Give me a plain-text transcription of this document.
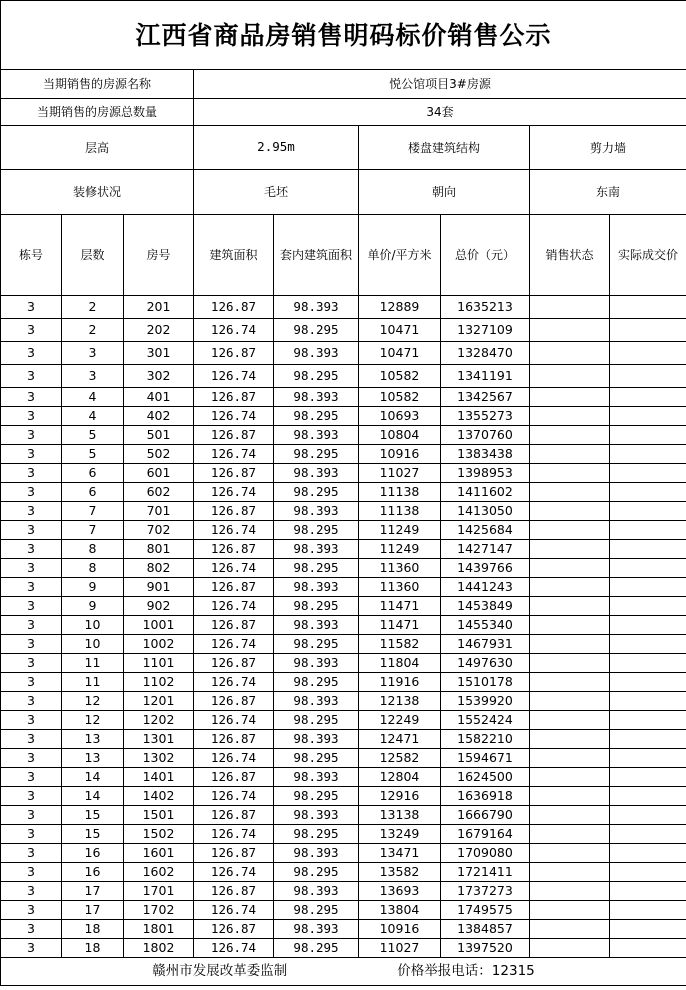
江西省商品房销售明码标价销售公示								
当期销售的房源名称			悦公馆项目3#房源					
当期销售的房源总数量			34套					
层高			2.95m		楼盘建筑结构		剪力墙	
装修状况			毛坯		朝向		东南	
栋号	层数	房号	建筑面积	套内建筑面积	单价/平方米	总价（元）	销售状态	实际成交价
3	2	201	126.87	98.393	12889	1635213		
3	2	202	126.74	98.295	10471	1327109		
3	3	301	126.87	98.393	10471	1328470		
3	3	302	126.74	98.295	10582	1341191		
3	4	401	126.87	98.393	10582	1342567		
3	4	402	126.74	98.295	10693	1355273		
3	5	501	126.87	98.393	10804	1370760		
3	5	502	126.74	98.295	10916	1383438		
3	6	601	126.87	98.393	11027	1398953		
3	6	602	126.74	98.295	11138	1411602		
3	7	701	126.87	98.393	11138	1413050		
3	7	702	126.74	98.295	11249	1425684		
3	8	801	126.87	98.393	11249	1427147		
3	8	802	126.74	98.295	11360	1439766		
3	9	901	126.87	98.393	11360	1441243		
3	9	902	126.74	98.295	11471	1453849		
3	10	1001	126.87	98.393	11471	1455340		
3	10	1002	126.74	98.295	11582	1467931		
3	11	1101	126.87	98.393	11804	1497630		
3	11	1102	126.74	98.295	11916	1510178		
3	12	1201	126.87	98.393	12138	1539920		
3	12	1202	126.74	98.295	12249	1552424		
3	13	1301	126.87	98.393	12471	1582210		
3	13	1302	126.74	98.295	12582	1594671		
3	14	1401	126.87	98.393	12804	1624500		
3	14	1402	126.74	98.295	12916	1636918		
3	15	1501	126.87	98.393	13138	1666790		
3	15	1502	126.74	98.295	13249	1679164		
3	16	1601	126.87	98.393	13471	1709080		
3	16	1602	126.74	98.295	13582	1721411		
3	17	1701	126.87	98.393	13693	1737273		
3	17	1702	126.74	98.295	13804	1749575		
3	18	1801	126.87	98.393	10916	1384857		
3	18	1802	126.74	98.295	11027	1397520		
赣州市发展改革委监制 价格举报电话：12315								
